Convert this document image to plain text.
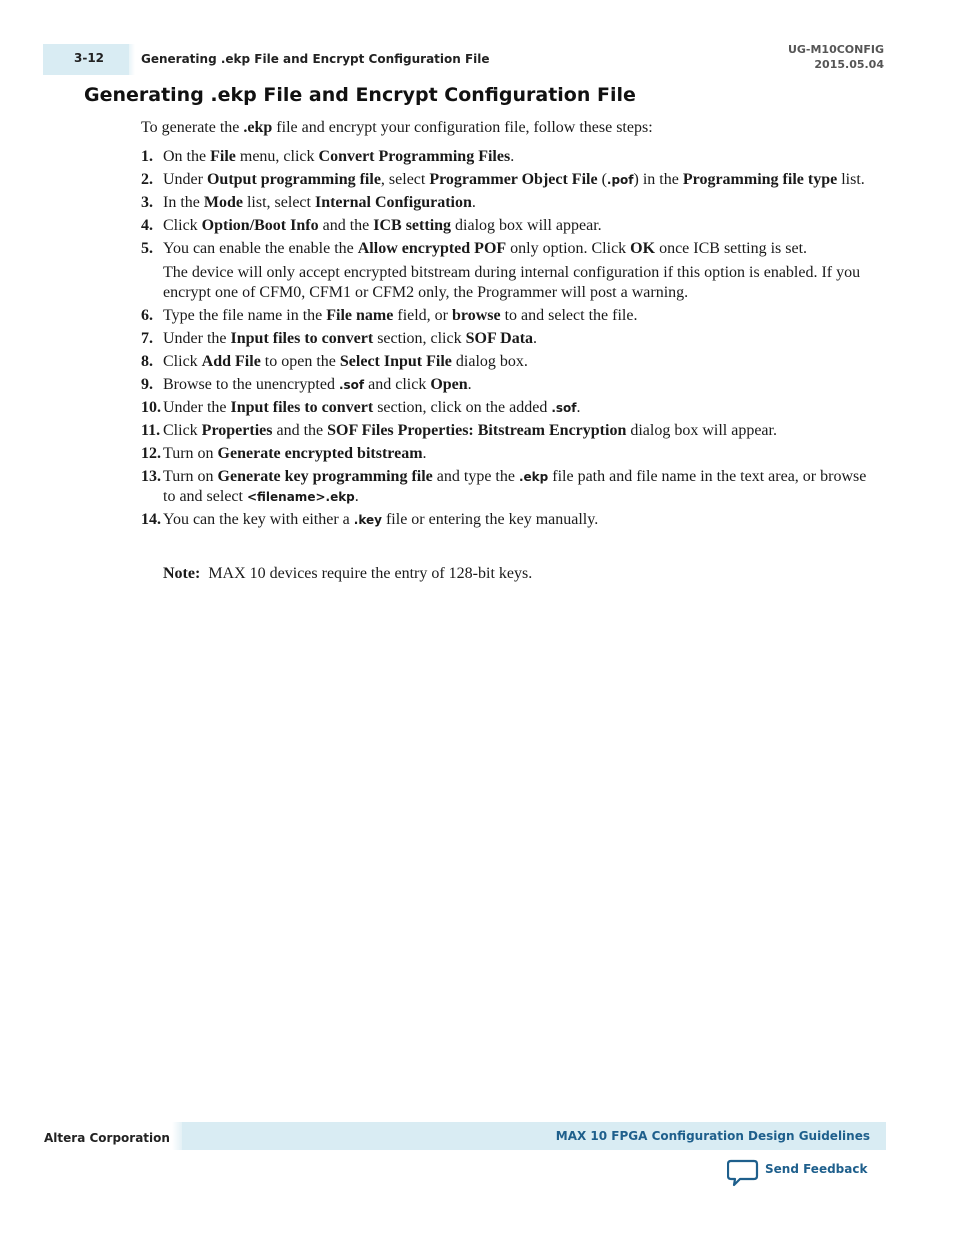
3-12	Generating .ekp File and Encrypt Configuration File
UG-M10CONFIG
2015.05.04
Generating .ekp File and Encrypt Configuration File

To generate the .ekp file and encrypt your configuration file, follow these steps:

1. On the File menu, click Convert Programming Files.
2. Under Output programming file, select Programmer Object File (.pof) in the Programming file type list.
3. In the Mode list, select Internal Configuration.
4. Click Option/Boot Info and the ICB setting dialog box will appear.
5. You can enable the enable the Allow encrypted POF only option. Click OK once ICB setting is set.

The device will only accept encrypted bitstream during internal configuration if this option is enabled. If you encrypt one of CFM0, CFM1 or CFM2 only, the Programmer will post a warning.

6. Type the file name in the File name field, or browse to and select the file.
7. Under the Input files to convert section, click SOF Data.
8. Click Add File to open the Select Input File dialog box.
9. Browse to the unencrypted .sof and click Open.
10. Under the Input files to convert section, click on the added .sof.
11. Click Properties and the SOF Files Properties: Bitstream Encryption dialog box will appear.
12. Turn on Generate encrypted bitstream.
13. Turn on Generate key programming file and type the .ekp file path and file name in the text area, or browse to and select <filename>.ekp.
14. You can the key with either a .key file or entering the key manually.

Note: MAX 10 devices require the entry of 128-bit keys.

Altera Corporation	MAX 10 FPGA Configuration Design Guidelines
Send Feedback
